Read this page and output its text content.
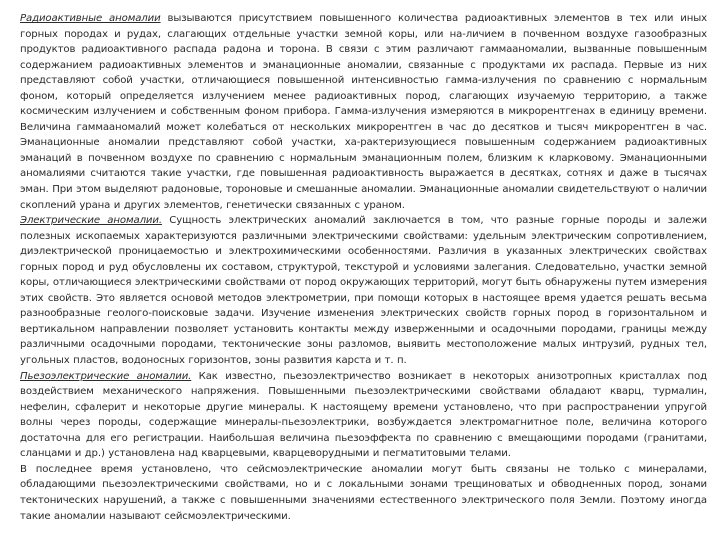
Радиоактивные аномалии вызываются присутствием повышенного количества радиоактивных элементов в тех или иных горных породах и рудах, слагающих отдельные участки земной коры, или на-личием в почвенном воздухе газообразных продуктов радиоактивного распада радона и торона. В связи с этим различают гаммааномалии, вызванные повышенным содержанием радиоактивных элементов и эманационные аномалии, связанные с продуктами их распада. Первые из них представляют собой участки, отличающиеся повышенной интенсивностью гамма-излучения по сравнению с нормальным фоном, который определяется излучением менее радиоактивных пород, слагающих изучаемую территорию, а также космическим излучением и собственным фоном прибора. Гамма-излучения измеряются в микрорентгенах в единицу времени. Величина гаммааномалий может колебаться от нескольких микрорентген в час до десятков и тысяч микрорентген в час. Эманационные аномалии представляют собой участки, ха-рактеризующиеся повышенным содержанием радиоактивных эманаций в почвенном воздухе по сравнению с нормальным эманационным полем, близким к кларковому. Эманационными аномалиями считаются такие участки, где повышенная радиоактивность выражается в десятках, сотнях и даже в тысячах эман. При этом выделяют радоновые, тороновые и смешанные аномалии. Эманационные аномалии свидетельствуют о наличии скоплений урана и других элементов, генетически связанных с ураном.

Электрические аномалии. Сущность электрических аномалий заключается в том, что разные горные породы и залежи полезных ископаемых характеризуются различными электрическими свойствами: удельным электрическим сопротивлением, диэлектрической проницаемостью и электрохимическими особенностями. Различия в указанных электрических свойствах горных пород и руд обусловлены их составом, структурой, текстурой и условиями залегания. Следовательно, участки земной коры, отличающиеся электрическими свойствами от пород окружающих территорий, могут быть обнаружены путем измерения этих свойств. Это является основой методов электрометрии, при помощи которых в настоящее время удается решать весьма разнообразные геолого-поисковые задачи. Изучение изменения электрических свойств горных пород в горизонтальном и вертикальном направлении позволяет установить контакты между изверженными и осадочными породами, границы между различными осадочными породами, тектонические зоны разломов, выявить местоположение малых интрузий, рудных тел, угольных пластов, водоносных горизонтов, зоны развития карста и т. п.

Пьезоэлектрические аномалии. Как известно, пьезоэлектричество возникает в некоторых анизотропных кристаллах под воздействием механического напряжения. Повышенными пьезоэлектрическими свойствами обладают кварц, турмалин, нефелин, сфалерит и некоторые другие минералы. К настоящему времени установлено, что при распространении упругой волны через породы, содержащие минералы-пьезоэлектрики, возбуждается электромагнитное поле, величина которого достаточна для его регистрации. Наибольшая величина пьезоэффекта по сравнению с вмещающими породами (гранитами, сланцами и др.) установлена над кварцевыми, кварцеворудными и пегматитовыми телами.

В последнее время установлено, что сейсмоэлектрические аномалии могут быть связаны не только с минералами, обладающими пьезоэлектрическими свойствами, но и с локальными зонами трещиноватых и обводненных пород, зонами тектонических нарушений, а также с повышенными значениями естественного электрического поля Земли. Поэтому иногда такие аномалии называют сейсмоэлектрическими.
